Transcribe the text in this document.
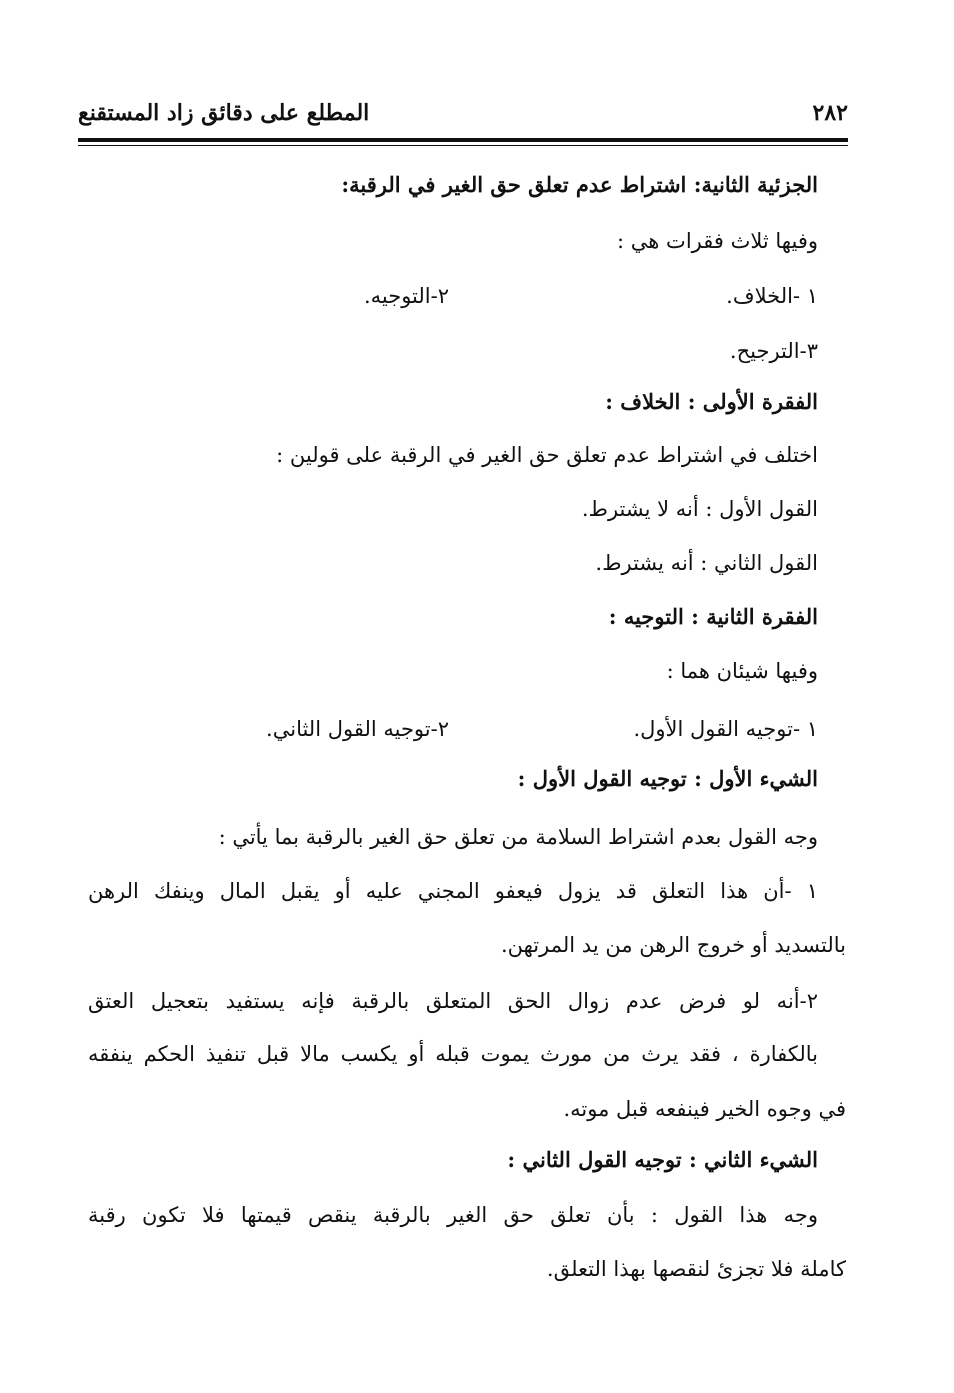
٢٨٢
المطلع على دقائق زاد المستقنع
الجزئية الثانية: اشتراط عدم تعلق حق الغير في الرقبة:
وفيها ثلاث فقرات هي :
١ -الخلاف.
٢-التوجيه.
٣-الترجيح.
الفقرة الأولى : الخلاف :
اختلف في اشتراط عدم تعلق حق الغير في الرقبة على قولين :
القول الأول : أنه لا يشترط.
القول الثاني : أنه يشترط.
الفقرة الثانية : التوجيه :
وفيها شيئان هما :
١ -توجيه القول الأول.
٢-توجيه القول الثاني.
الشيء الأول : توجيه القول الأول :
وجه القول بعدم اشتراط السلامة من تعلق حق الغير بالرقبة بما يأتي :
١ -أن هذا التعلق قد يزول فيعفو المجني عليه أو يقبل المال وينفك الرهن
بالتسديد أو خروج الرهن من يد المرتهن.
٢-أنه لو فرض عدم زوال الحق المتعلق بالرقبة فإنه يستفيد بتعجيل العتق
بالكفارة ، فقد يرث من مورث يموت قبله أو يكسب مالا قبل تنفيذ الحكم ينفقه
في وجوه الخير فينفعه قبل موته.
الشيء الثاني : توجيه القول الثاني :
وجه هذا القول : بأن تعلق حق الغير بالرقبة ينقص قيمتها فلا تكون رقبة
كاملة فلا تجزئ لنقصها بهذا التعلق.
